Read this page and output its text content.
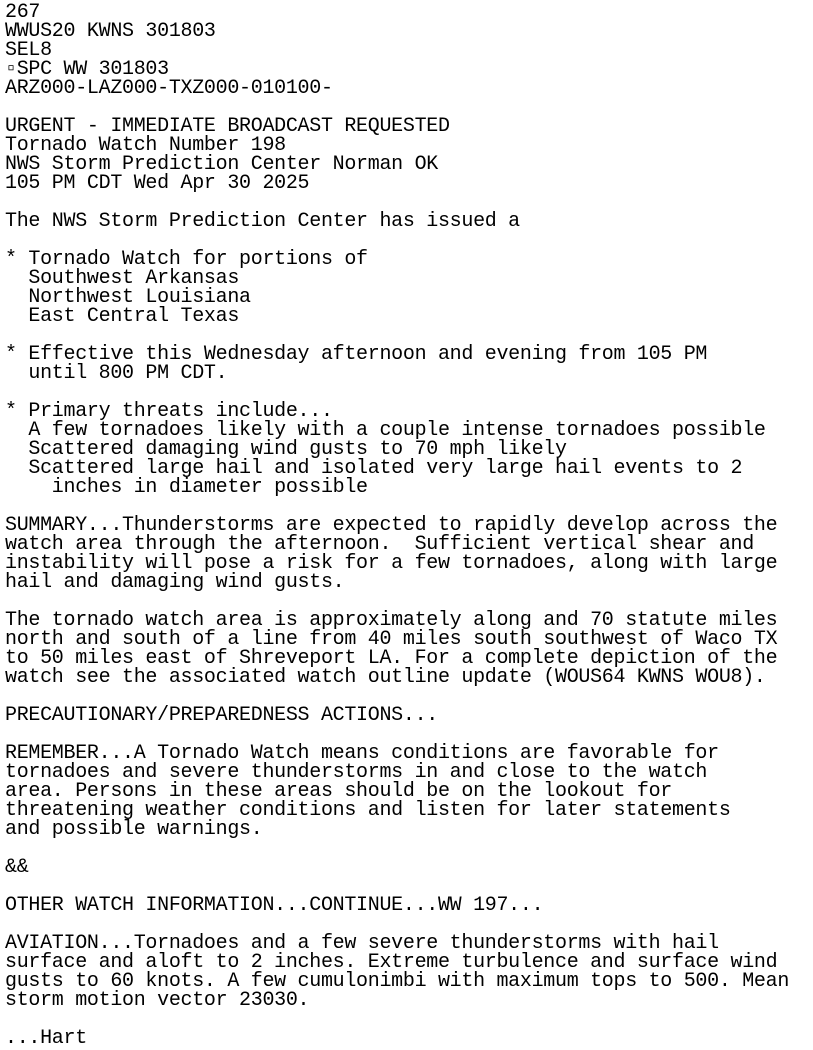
267
WWUS20 KWNS 301803
SEL8
▫SPC WW 301803
ARZ000-LAZ000-TXZ000-010100-
URGENT - IMMEDIATE BROADCAST REQUESTED
Tornado Watch Number 198
NWS Storm Prediction Center Norman OK
105 PM CDT Wed Apr 30 2025
The NWS Storm Prediction Center has issued a
* Tornado Watch for portions of
Southwest Arkansas
Northwest Louisiana
East Central Texas
* Effective this Wednesday afternoon and evening from 105 PM
until 800 PM CDT.
* Primary threats include...
A few tornadoes likely with a couple intense tornadoes possible
Scattered damaging wind gusts to 70 mph likely
Scattered large hail and isolated very large hail events to 2
inches in diameter possible
SUMMARY...Thunderstorms are expected to rapidly develop across the
watch area through the afternoon.  Sufficient vertical shear and
instability will pose a risk for a few tornadoes, along with large
hail and damaging wind gusts.
The tornado watch area is approximately along and 70 statute miles
north and south of a line from 40 miles south southwest of Waco TX
to 50 miles east of Shreveport LA. For a complete depiction of the
watch see the associated watch outline update (WOUS64 KWNS WOU8).
PRECAUTIONARY/PREPAREDNESS ACTIONS...
REMEMBER...A Tornado Watch means conditions are favorable for
tornadoes and severe thunderstorms in and close to the watch
area. Persons in these areas should be on the lookout for
threatening weather conditions and listen for later statements
and possible warnings.
&&
OTHER WATCH INFORMATION...CONTINUE...WW 197...
AVIATION...Tornadoes and a few severe thunderstorms with hail
surface and aloft to 2 inches. Extreme turbulence and surface wind
gusts to 60 knots. A few cumulonimbi with maximum tops to 500. Mean
storm motion vector 23030.
...Hart
